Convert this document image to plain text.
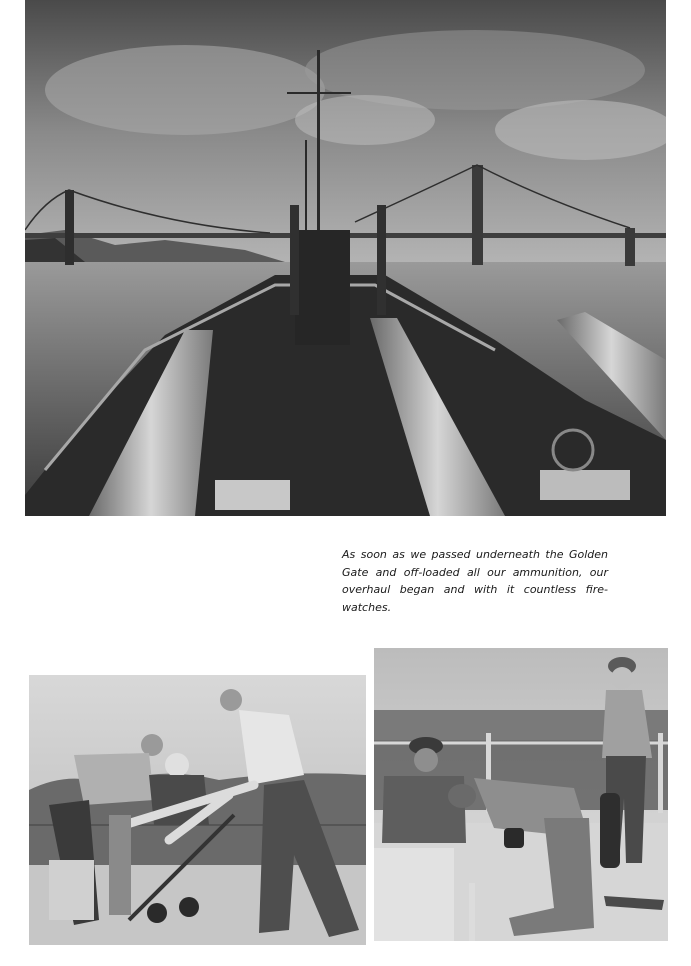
As soon as we passed underneath the Golden Gate and off-loaded all our ammunition, our overhaul began and with it countless fire-watches.
